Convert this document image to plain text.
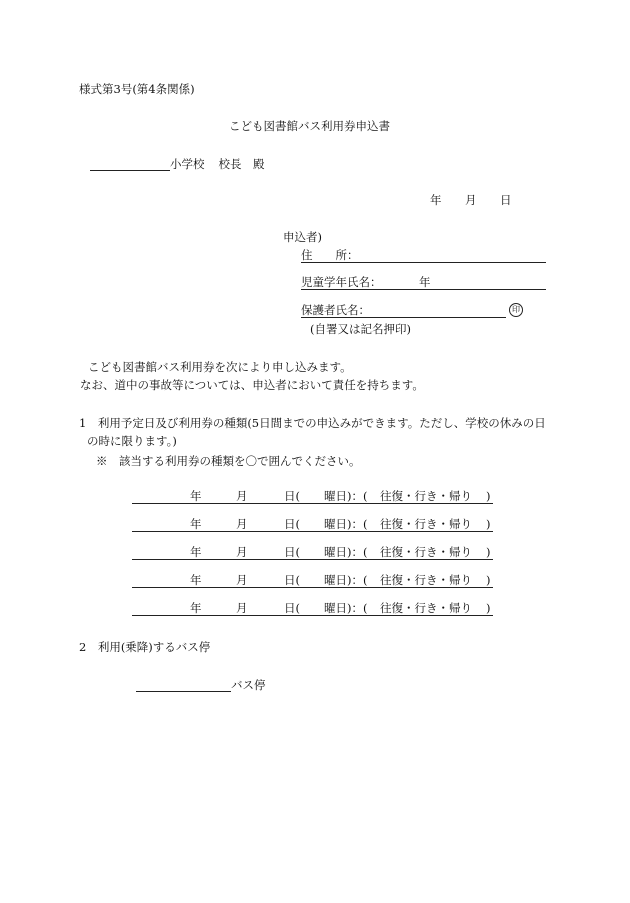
様式第3号(第4条関係)
こども図書館バス利用券申込書
小学校 校長　殿
年 月 日
申込者)
住　　所：
児童学年氏名：	年
保護者氏名：	印
(自署又は記名押印)
こども図書館バス利用券を次により申し込みます。
なお、道中の事故等については、申込者において責任を持ちます。
1　利用予定日及び利用券の種類(5日間までの申込みができます。ただし、学校の休みの日
の時に限ります。)
※　該当する利用券の種類を〇で囲んでください。
年	月	日( 曜日)：( 往復・行き・帰り )
年	月	日( 曜日)：( 往復・行き・帰り )
年	月	日( 曜日)：( 往復・行き・帰り )
年	月	日( 曜日)：( 往復・行き・帰り )
年	月	日( 曜日)：( 往復・行き・帰り )
2　利用(乗降)するバス停
バス停
